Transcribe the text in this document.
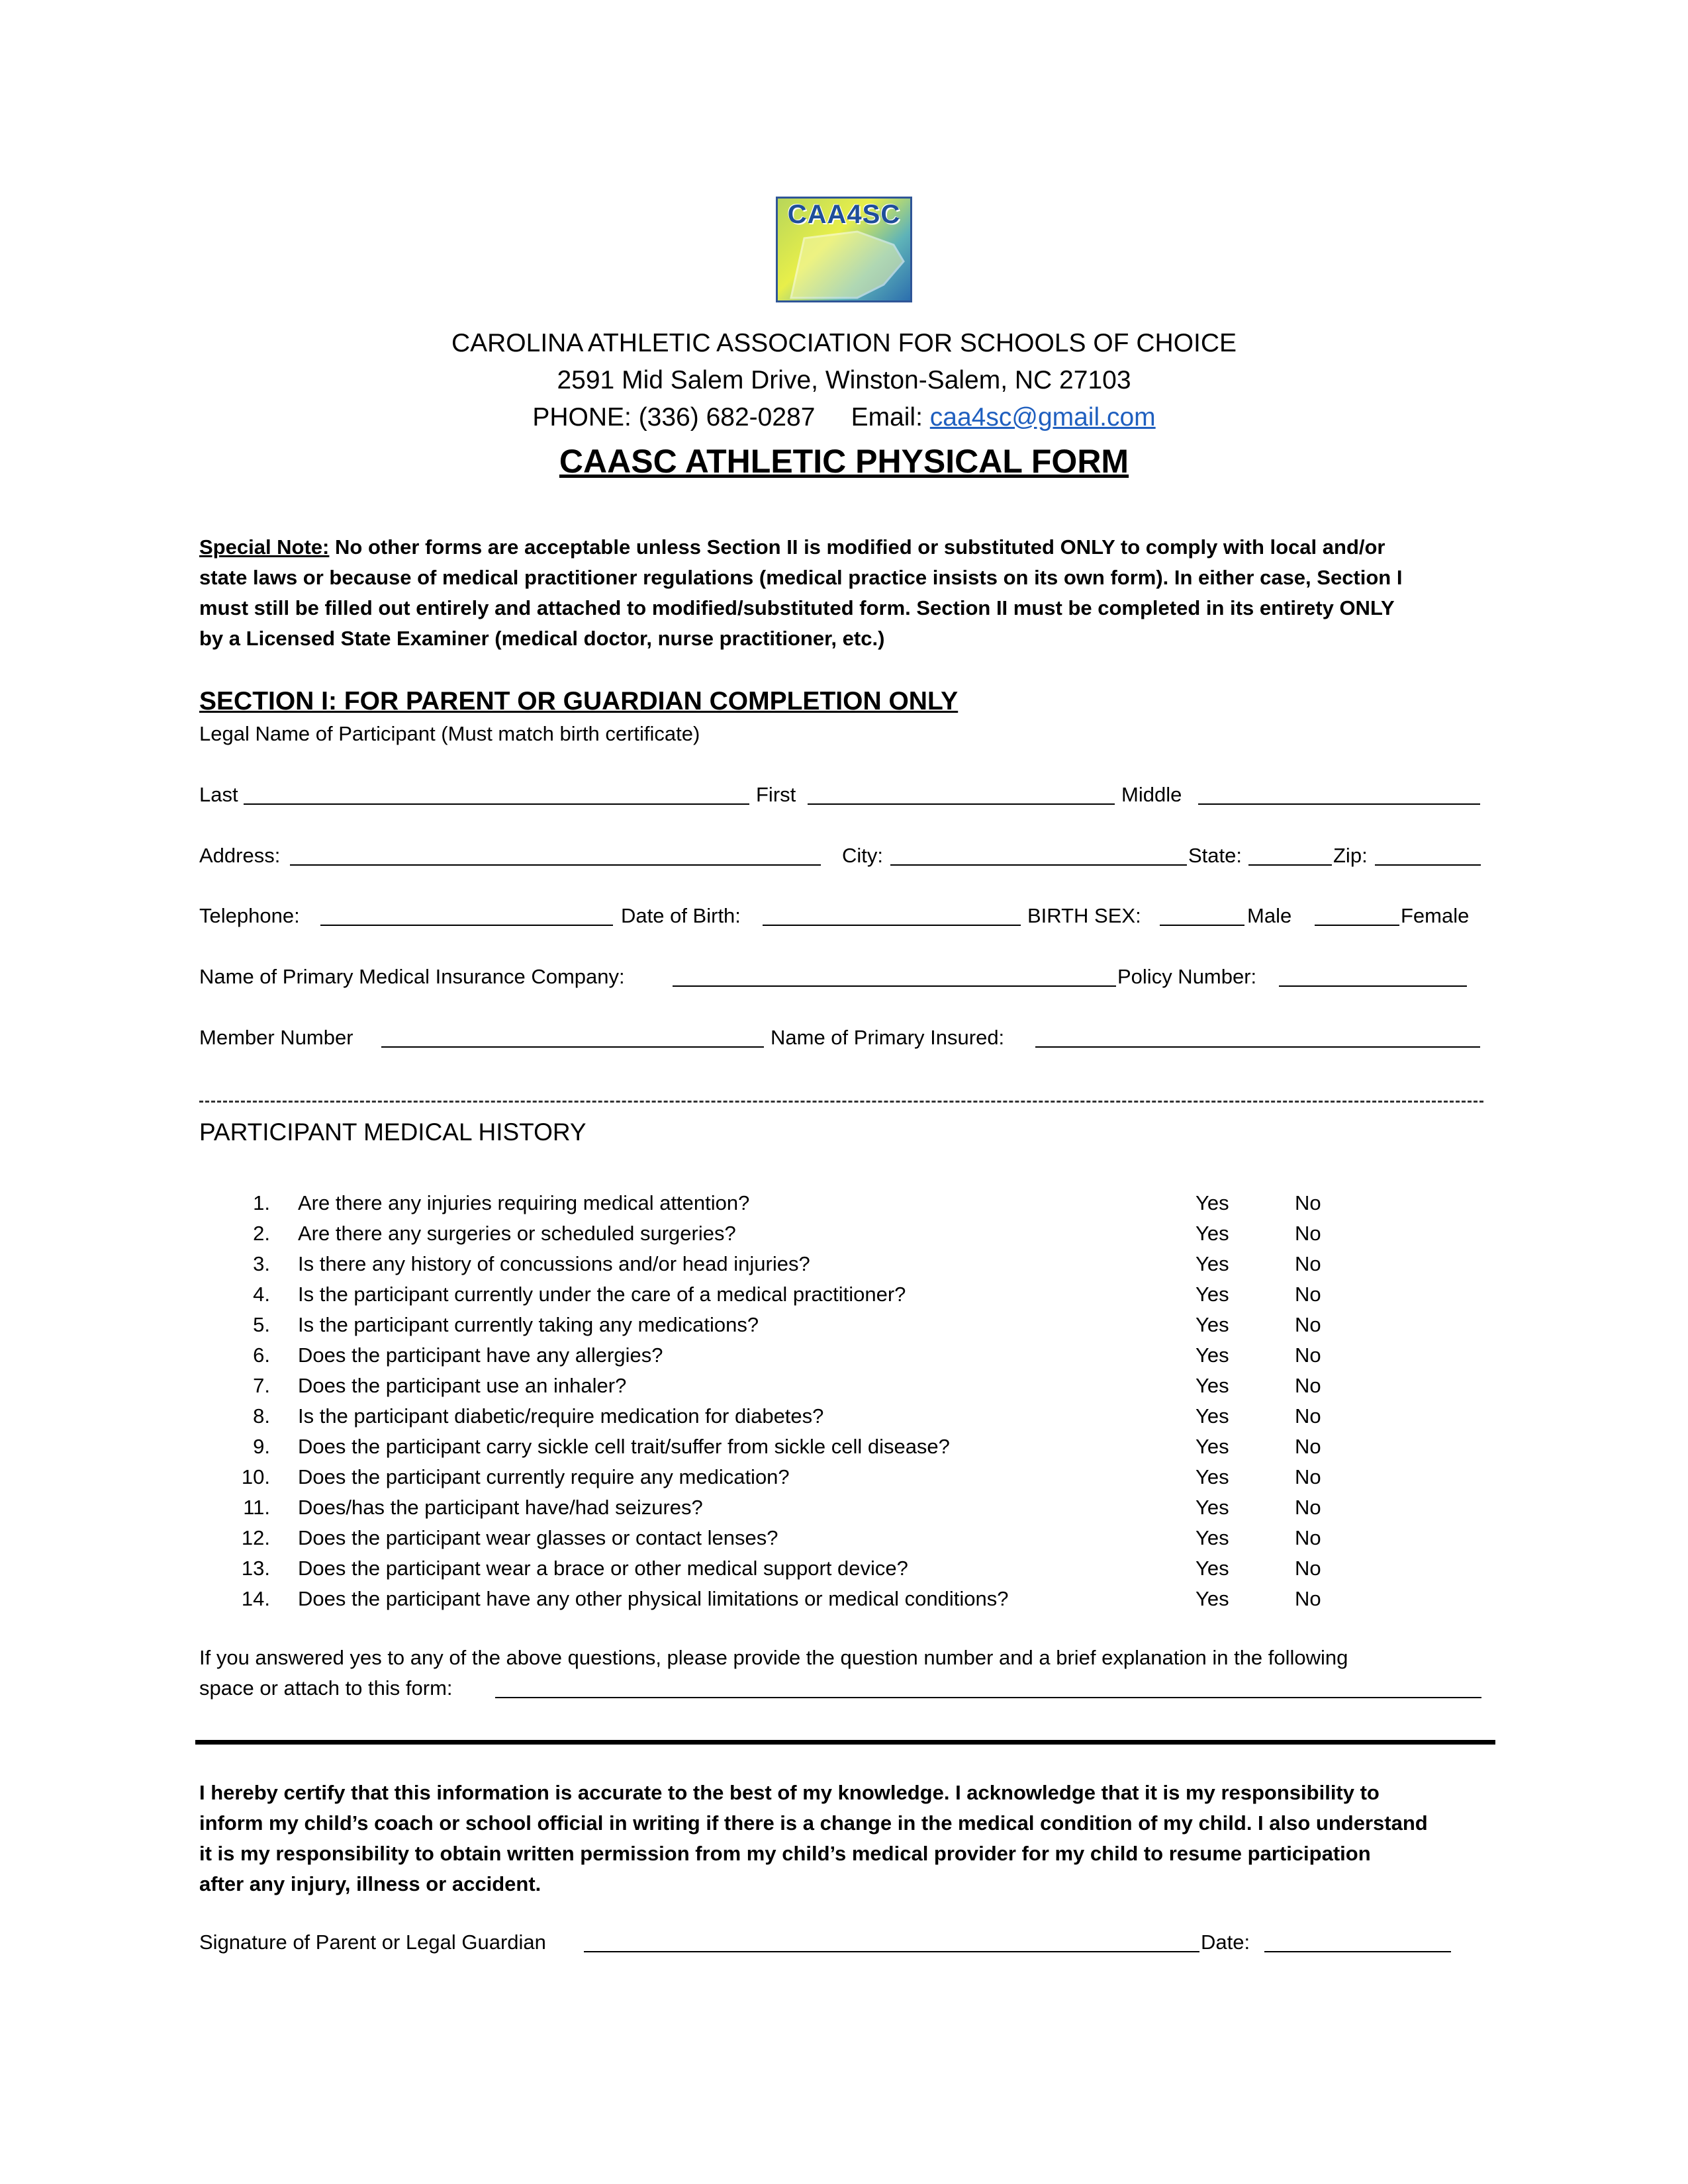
CAA4SC
CAROLINA ATHLETIC ASSOCIATION FOR SCHOOLS OF CHOICE
2591 Mid Salem Drive, Winston-Salem, NC 27103
PHONE: (336) 682-0287 Email: caa4sc@gmail.com
CAASC ATHLETIC PHYSICAL FORM
Special Note: No other forms are acceptable unless Section II is modified or substituted ONLY to comply with local and/or
state laws or because of medical practitioner regulations (medical practice insists on its own form). In either case, Section I
must still be filled out entirely and attached to modified/substituted form. Section II must be completed in its entirety ONLY
by a Licensed State Examiner (medical doctor, nurse practitioner, etc.)
SECTION I: FOR PARENT OR GUARDIAN COMPLETION ONLY
Legal Name of Participant (Must match birth certificate)
Last	First	Middle
Address:	City:	State:	Zip:
Telephone:	Date of Birth:	BIRTH SEX:	Male	Female
Name of Primary Medical Insurance Company:	Policy Number:
Member Number	Name of Primary Insured:
PARTICIPANT MEDICAL HISTORY
1. Are there any injuries requiring medical attention?	Yes	No
2. Are there any surgeries or scheduled surgeries?	Yes	No
3. Is there any history of concussions and/or head injuries?	Yes	No
4. Is the participant currently under the care of a medical practitioner?	Yes	No
5. Is the participant currently taking any medications?	Yes	No
6. Does the participant have any allergies?	Yes	No
7. Does the participant use an inhaler?	Yes	No
8. Is the participant diabetic/require medication for diabetes?	Yes	No
9. Does the participant carry sickle cell trait/suffer from sickle cell disease?	Yes	No
10. Does the participant currently require any medication?	Yes	No
11. Does/has the participant have/had seizures?	Yes	No
12. Does the participant wear glasses or contact lenses?	Yes	No
13. Does the participant wear a brace or other medical support device?	Yes	No
14. Does the participant have any other physical limitations or medical conditions?	Yes	No
If you answered yes to any of the above questions, please provide the question number and a brief explanation in the following
space or attach to this form:
I hereby certify that this information is accurate to the best of my knowledge. I acknowledge that it is my responsibility to
inform my child’s coach or school official in writing if there is a change in the medical condition of my child. I also understand
it is my responsibility to obtain written permission from my child’s medical provider for my child to resume participation
after any injury, illness or accident.
Signature of Parent or Legal Guardian	Date:
